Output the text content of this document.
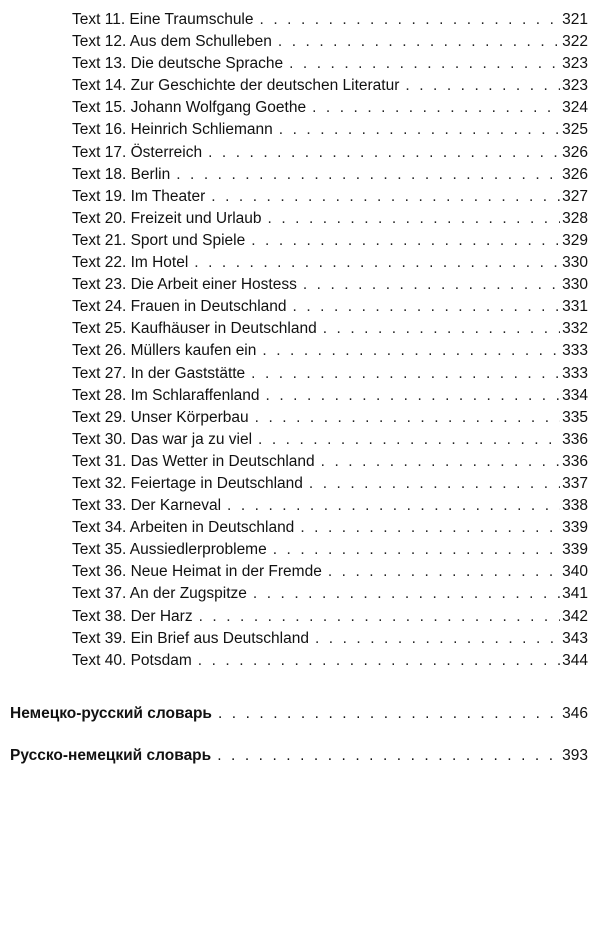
Text 11. Eine Traumschule . . .	321
Text 12. Aus dem Schulleben . . .	322
Text 13. Die deutsche Sprache . . .	323
Text 14. Zur Geschichte der deutschen Literatur . . .	323
Text 15. Johann Wolfgang Goethe . . .	324
Text 16. Heinrich Schliemann . . .	325
Text 17. Österreich . . .	326
Text 18. Berlin . . .	326
Text 19. Im Theater . . .	327
Text 20. Freizeit und Urlaub . . .	328
Text 21. Sport und Spiele . . .	329
Text 22. Im Hotel . . .	330
Text 23. Die Arbeit einer Hostess . . .	330
Text 24. Frauen in Deutschland . . .	331
Text 25. Kaufhäuser in Deutschland . . .	332
Text 26. Müllers kaufen ein . . .	333
Text 27. In der Gaststätte . . .	333
Text 28. Im Schlaraffenland . . .	334
Text 29. Unser Körperbau . . .	335
Text 30. Das war ja zu viel . . .	336
Text 31. Das Wetter in Deutschland . . .	336
Text 32. Feiertage in Deutschland . . .	337
Text 33. Der Karneval . . .	338
Text 34. Arbeiten in Deutschland . . .	339
Text 35. Aussiedlerprobleme . . .	339
Text 36. Neue Heimat in der Fremde . . .	340
Text 37. An der Zugspitze . . .	341
Text 38. Der Harz . . .	342
Text 39. Ein Brief aus Deutschland . . .	343
Text 40. Potsdam . . .	344
Немецко-русский словарь . . .	346
Русско-немецкий словарь . . .	393
